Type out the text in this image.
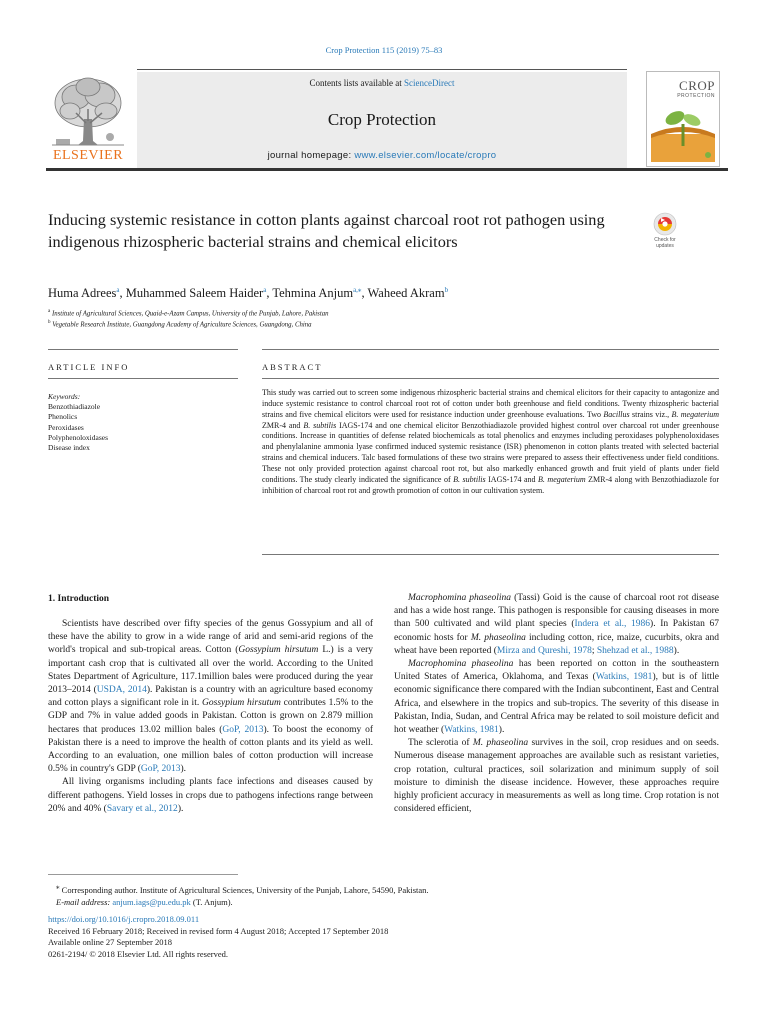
Crop Protection 115 (2019) 75–83
Contents lists available at ScienceDirect
Crop Protection
journal homepage: www.elsevier.com/locate/cropro
ELSEVIER
CROP
PROTECTION
Check for updates
Inducing systemic resistance in cotton plants against charcoal root rot pathogen using indigenous rhizospheric bacterial strains and chemical elicitors
Huma Adrees$^a$, Muhammed Saleem Haider$^a$, Tehmina Anjum$^{a,⁎}$, Waheed Akram$^b$
$^a$ Institute of Agricultural Sciences, Quaid-e-Azam Campus, University of the Punjab, Lahore, Pakistan
$^b$ Vegetable Research Institute, Guangdong Academy of Agriculture Sciences, Guangdong, China
ARTICLE INFO	ABSTRACT
Keywords:
Benzothiadiazole
Phenolics
Peroxidases
Polyphenoloxidases
Disease index
This study was carried out to screen some indigenous rhizospheric bacterial strains and chemical elicitors for their capacity to antagonize and induce systemic resistance to control charcoal root rot of cotton under both greenhouse and field conditions. Twenty rhizospheric bacterial strains and five chemical elicitors were used for resistance induction under greenhouse evaluations. Two Bacillus strains viz., B. megaterium ZMR-4 and B. subtilis IAGS-174 and one chemical elicitor Benzothiadiazole provided highest control over charcoal rot under greenhouse conditions. Increase in quantities of defense related biochemicals as total phenolics and enzymes including peroxidases polyphenoloxidases and phenylalanine ammonia lyase confirmed induced systemic resistance (ISR) phenomenon in cotton plants treated with selected bacterial strains and chemical inducers. Talc based formulations of these two strains were prepared to assess their effectiveness under field conditions. These not only provided protection against charcoal root rot, but also markedly enhanced growth and fruit yield of plants under field conditions. The study clearly indicated the significance of B. subtilis IAGS-174 and B. megaterium ZMR-4 along with Benzothiadiazole for inhibition of charcoal root rot and growth promotion of cotton in our cultivation system.
1. Introduction

Scientists have described over fifty species of the genus Gossypium and all of these have the ability to grow in a wide range of arid and semi-arid regions of the world's tropical and sub-tropical areas. Cotton (Gossypium hirsutum L.) is a very important cash crop that is cultivated all over the world. According to the United States Department of Agriculture, 117.1million bales were produced during the year 2013–2014 (USDA, 2014). Pakistan is a country with an agriculture based economy and cotton plays a significant role in it. Gossypium hirsutum contributes 1.5% to the GDP and 7% in value added goods in Pakistan. Cotton is grown on 2.879 million hectares that produces 13.02 million bales (GoP, 2013). To boost the economy of Pakistan there is a need to improve the health of cotton plants and its yield as well. According to an evaluation, one million bales of cotton production will increase 0.5% in country's GDP (GoP, 2013).

All living organisms including plants face infections and diseases caused by different pathogens. Yield losses in crops due to pathogens infections range between 20% and 40% (Savary et al., 2012).

Macrophomina phaseolina (Tassi) Goid is the cause of charcoal root rot disease and has a wide host range. This pathogen is responsible for causing diseases in more than 500 cultivated and wild plant species (Indera et al., 1986). In Pakistan 67 economic hosts for M. phaseolina including cotton, rice, maize, cucurbits, okra and wheat have been reported (Mirza and Qureshi, 1978; Shehzad et al., 1988).

Macrophomina phaseolina has been reported on cotton in the southeastern United States of America, Oklahoma, and Texas (Watkins, 1981), but is of little economic significance there compared with the Indian subcontinent, East and Central Africa, and elsewhere in the tropics and sub-tropics. The severity of this disease in Pakistan, India, Sudan, and Central Africa may be related to soil moisture deficit and hot weather (Watkins, 1981).

The sclerotia of M. phaseolina survives in the soil, crop residues and on seeds. Numerous disease management approaches are available such as resistant varieties, crop rotation, cultural practices, soil solarization and minimum supply of soil moisture to diminish the disease incidence. However, these approaches require highly proficient accuracy in measurements as well as long time. Crop rotation is not considered efficient,

⁎ Corresponding author. Institute of Agricultural Sciences, University of the Punjab, Lahore, 54590, Pakistan.
E-mail address: anjum.iags@pu.edu.pk (T. Anjum).
https://doi.org/10.1016/j.cropro.2018.09.011
Received 16 February 2018; Received in revised form 4 August 2018; Accepted 17 September 2018
Available online 27 September 2018
0261-2194/ © 2018 Elsevier Ltd. All rights reserved.
